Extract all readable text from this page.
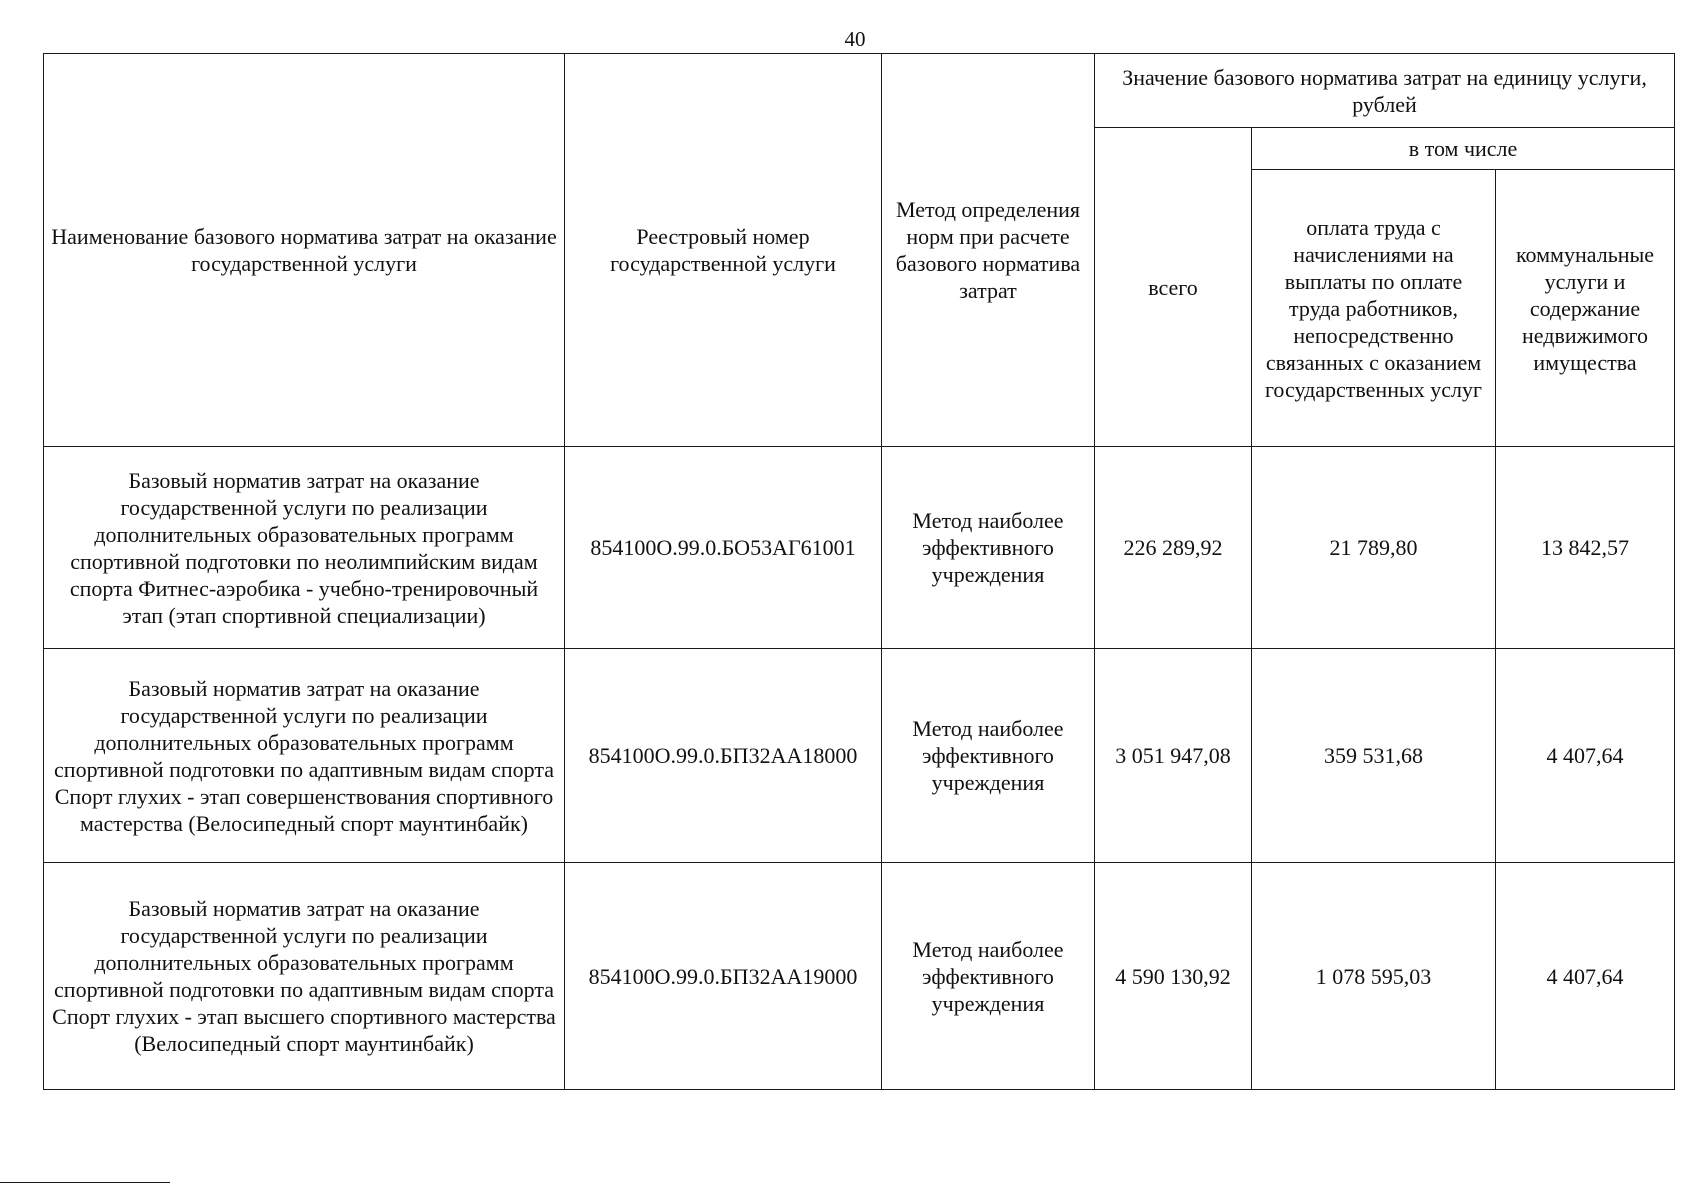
40
Наименование базового норматива затрат на оказание государственной услуги	Реестровый номер государственной услуги	Метод определения норм при расчете базового норматива затрат	Значение базового норматива затрат на единицу услуги, рублей		
			всего	в том числе	
				оплата труда с начислениями на выплаты по оплате труда работников, непосредственно связанных с оказанием государственных услуг	коммунальные услуги и содержание недвижимого имущества
Базовый норматив затрат на оказание государственной услуги по реализации дополнительных образовательных программ спортивной подготовки по неолимпийским видам спорта Фитнес-аэробика - учебно-тренировочный этап (этап спортивной специализации)	854100О.99.0.БО53АГ61001	Метод наиболее эффективного учреждения	226 289,92	21 789,80	13 842,57
Базовый норматив затрат на оказание государственной услуги по реализации дополнительных образовательных программ спортивной подготовки по адаптивным видам спорта Спорт глухих - этап совершенствования спортивного мастерства (Велосипедный спорт маунтинбайк)	854100О.99.0.БП32АА18000	Метод наиболее эффективного учреждения	3 051 947,08	359 531,68	4 407,64
Базовый норматив затрат на оказание государственной услуги по реализации дополнительных образовательных программ спортивной подготовки по адаптивным видам спорта Спорт глухих - этап высшего спортивного мастерства (Велосипедный спорт маунтинбайк)	854100О.99.0.БП32АА19000	Метод наиболее эффективного учреждения	4 590 130,92	1 078 595,03	4 407,64
